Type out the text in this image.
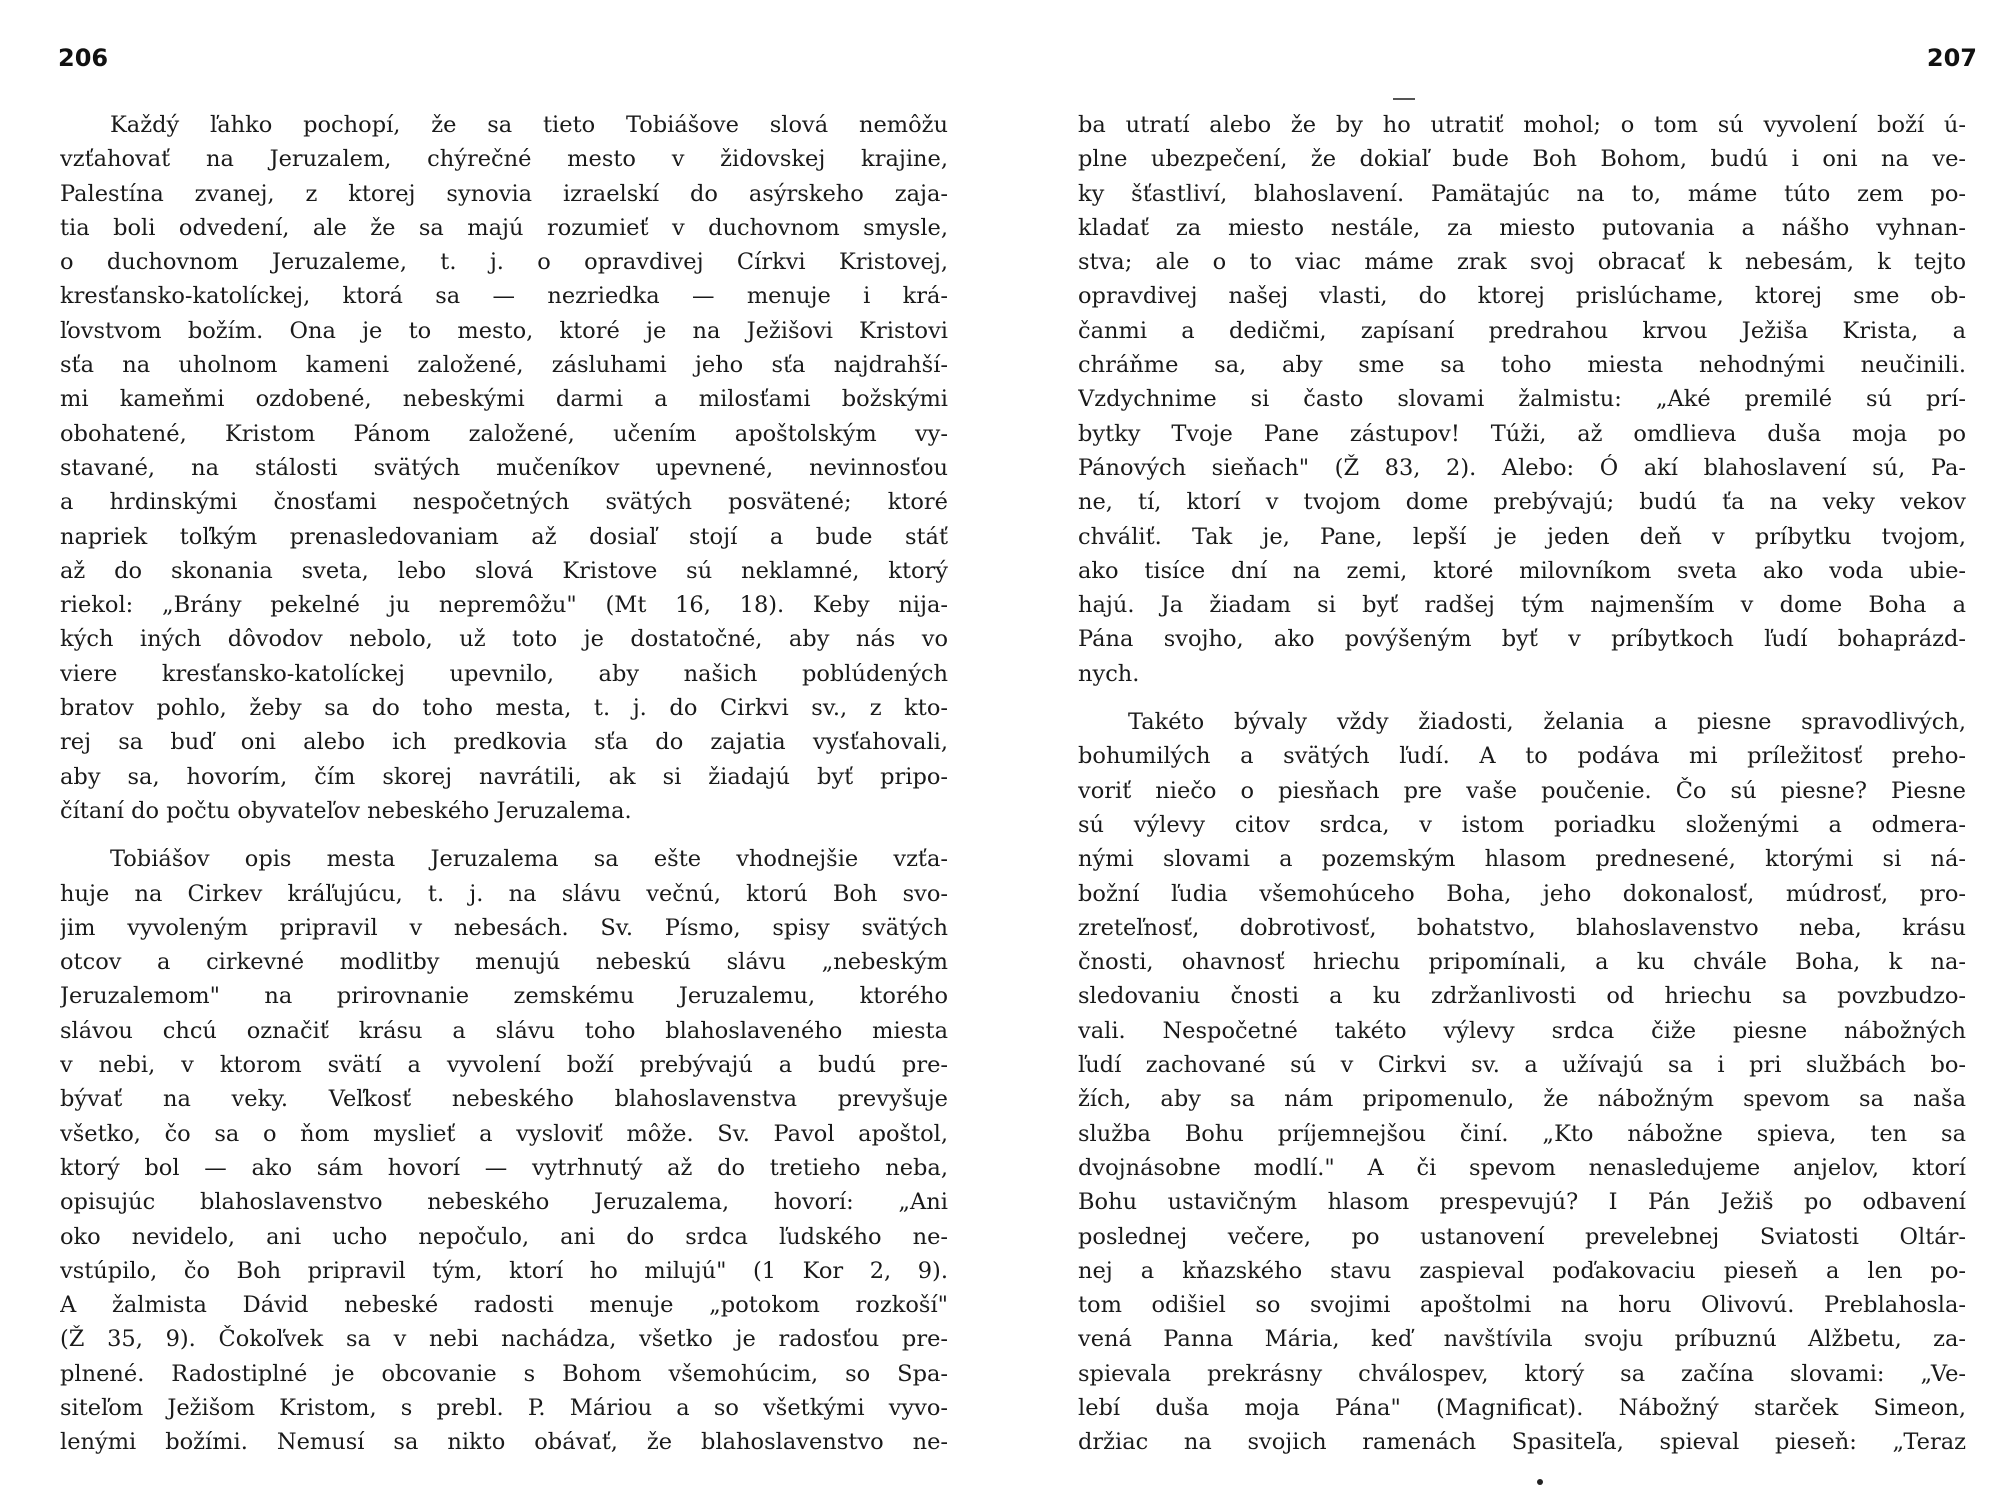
206
Každý ľahko pochopí, že sa tieto Tobiášove slová nemôžu
vzťahovať na Jeruzalem, chýrečné mesto v židovskej krajine,
Palestína zvanej, z ktorej synovia izraelskí do asýrskeho zaja-
tia boli odvedení, ale že sa majú rozumieť v duchovnom smysle,
o duchovnom Jeruzaleme, t. j. o opravdivej Církvi Kristovej,
kresťansko-katolíckej, ktorá sa — nezriedka — menuje i krá-
ľovstvom božím. Ona je to mesto, ktoré je na Ježišovi Kristovi
sťa na uholnom kameni založené, zásluhami jeho sťa najdrahší-
mi kameňmi ozdobené, nebeskými darmi a milosťami božskými
obohatené, Kristom Pánom založené, učením apoštolským vy-
stavané, na stálosti svätých mučeníkov upevnené, nevinnosťou
a hrdinskými čnosťami nespočetných svätých posvätené; ktoré
napriek toľkým prenasledovaniam až dosiaľ stojí a bude stáť
až do skonania sveta, lebo slová Kristove sú neklamné, ktorý
riekol: „Brány pekelné ju nepremôžu" (Mt 16, 18). Keby nija-
kých iných dôvodov nebolo, už toto je dostatočné, aby nás vo
viere kresťansko-katolíckej upevnilo, aby našich poblúdených
bratov pohlo, žeby sa do toho mesta, t. j. do Cirkvi sv., z kto-
rej sa buď oni alebo ich predkovia sťa do zajatia vysťahovali,
aby sa, hovorím, čím skorej navrátili, ak si žiadajú byť pripo-
čítaní do počtu obyvateľov nebeského Jeruzalema.
Tobiášov opis mesta Jeruzalema sa ešte vhodnejšie vzťa-
huje na Cirkev kráľujúcu, t. j. na slávu večnú, ktorú Boh svo-
jim vyvoleným pripravil v nebesách. Sv. Písmo, spisy svätých
otcov a cirkevné modlitby menujú nebeskú slávu „nebeským
Jeruzalemom" na prirovnanie zemskému Jeruzalemu, ktorého
slávou chcú označiť krásu a slávu toho blahoslaveného miesta
v nebi, v ktorom svätí a vyvolení boží prebývajú a budú pre-
bývať na veky. Veľkosť nebeského blahoslavenstva prevyšuje
všetko, čo sa o ňom myslieť a vysloviť môže. Sv. Pavol apoštol,
ktorý bol — ako sám hovorí — vytrhnutý až do tretieho neba,
opisujúc blahoslavenstvo nebeského Jeruzalema, hovorí: „Ani
oko nevidelo, ani ucho nepočulo, ani do srdca ľudského ne-
vstúpilo, čo Boh pripravil tým, ktorí ho milujú" (1 Kor 2, 9).
A žalmista Dávid nebeské radosti menuje „potokom rozkoší"
(Ž 35, 9). Čokoľvek sa v nebi nachádza, všetko je radosťou pre-
plnené. Radostiplné je obcovanie s Bohom všemohúcim, so Spa-
siteľom Ježišom Kristom, s prebl. P. Máriou a so všetkými vyvo-
lenými božími. Nemusí sa nikto obávať, že blahoslavenstvo ne-
207
ba utratí alebo že by ho utratiť mohol; o tom sú vyvolení boží ú-
plne ubezpečení, že dokiaľ bude Boh Bohom, budú i oni na ve-
ky šťastliví, blahoslavení. Pamätajúc na to, máme túto zem po-
kladať za miesto nestále, za miesto putovania a nášho vyhnan-
stva; ale o to viac máme zrak svoj obracať k nebesám, k tejto
opravdivej našej vlasti, do ktorej prislúchame, ktorej sme ob-
čanmi a dedičmi, zapísaní predrahou krvou Ježiša Krista, a
chráňme sa, aby sme sa toho miesta nehodnými neučinili.
Vzdychnime si často slovami žalmistu: „Aké premilé sú prí-
bytky Tvoje Pane zástupov! Túži, až omdlieva duša moja po
Pánových sieňach" (Ž 83, 2). Alebo: Ó akí blahoslavení sú, Pa-
ne, tí, ktorí v tvojom dome prebývajú; budú ťa na veky vekov
chváliť. Tak je, Pane, lepší je jeden deň v príbytku tvojom,
ako tisíce dní na zemi, ktoré milovníkom sveta ako voda ubie-
hajú. Ja žiadam si byť radšej tým najmenším v dome Boha a
Pána svojho, ako povýšeným byť v príbytkoch ľudí bohaprázd-
nych.
Takéto bývaly vždy žiadosti, želania a piesne spravodlivých,
bohumilých a svätých ľudí. A to podáva mi príležitosť preho-
voriť niečo o piesňach pre vaše poučenie. Čo sú piesne? Piesne
sú výlevy citov srdca, v istom poriadku složenými a odmera-
nými slovami a pozemským hlasom prednesené, ktorými si ná-
božní ľudia všemohúceho Boha, jeho dokonalosť, múdrosť, pro-
zreteľnosť, dobrotivosť, bohatstvo, blahoslavenstvo neba, krásu
čnosti, ohavnosť hriechu pripomínali, a ku chvále Boha, k na-
sledovaniu čnosti a ku zdržanlivosti od hriechu sa povzbudzo-
vali. Nespočetné takéto výlevy srdca čiže piesne nábožných
ľudí zachované sú v Cirkvi sv. a užívajú sa i pri službách bo-
žích, aby sa nám pripomenulo, že nábožným spevom sa naša
služba Bohu príjemnejšou činí. „Kto nábožne spieva, ten sa
dvojnásobne modlí." A či spevom nenasledujeme anjelov, ktorí
Bohu ustavičným hlasom prespevujú? I Pán Ježiš po odbavení
poslednej večere, po ustanovení prevelebnej Sviatosti Oltár-
nej a kňazského stavu zaspieval poďakovaciu pieseň a len po-
tom odišiel so svojimi apoštolmi na horu Olivovú. Preblahosla-
vená Panna Mária, keď navštívila svoju príbuznú Alžbetu, za-
spievala prekrásny chválospev, ktorý sa začína slovami: „Ve-
lebí duša moja Pána" (Magnificat). Nábožný starček Simeon,
držiac na svojich ramenách Spasiteľa, spieval pieseň: „Teraz
